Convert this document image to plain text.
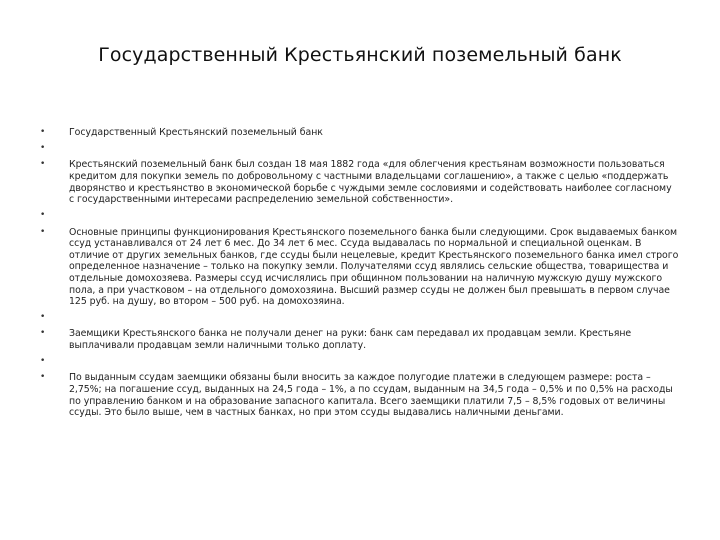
Государственный Крестьянский поземельный банк
•	Государственный Крестьянский поземельный банк
•
•	Крестьянский поземельный банк был создан 18 мая 1882 года «для облегчения крестьянам возможности пользоваться кредитом для покупки земель по добровольному с частными владельцами соглашению», а также с целью «поддержать дворянство и крестьянство в экономической борьбе с чуждыми земле сословиями и содействовать наиболее согласному с государственными интересами распределению земельной собственности».
•
•	Основные принципы функционирования Крестьянского поземельного банка были следующими. Срок выдаваемых банком ссуд устанавливался от 24 лет 6 мес. До 34 лет 6 мес. Ссуда выдавалась по нормальной и специальной оценкам. В отличие от других земельных банков, где ссуды были нецелевые, кредит Крестьянского поземельного банка имел строго определенное назначение – только на покупку земли. Получателями ссуд являлись сельские общества, товарищества и отдельные домохозяева. Размеры ссуд исчислялись при общинном пользовании на наличную мужскую душу мужского пола, а при участковом – на отдельного домохозяина. Высший размер ссуды не должен был превышать в первом случае 125 руб. на душу, во втором – 500 руб. на домохозяина.
•
•	Заемщики Крестьянского банка не получали денег на руки: банк сам передавал их продавцам земли. Крестьяне выплачивали продавцам земли наличными только доплату.
•
•	По выданным ссудам заемщики обязаны были вносить за каждое полугодие платежи в следующем размере: роста – 2,75%; на погашение ссуд, выданных на 24,5 года – 1%, а по ссудам, выданным на 34,5 года – 0,5% и по 0,5% на расходы по управлению банком и на образование запасного капитала. Всего заемщики платили 7,5 – 8,5% годовых от величины ссуды. Это было выше, чем в частных банках, но при этом ссуды выдавались наличными деньгами.
